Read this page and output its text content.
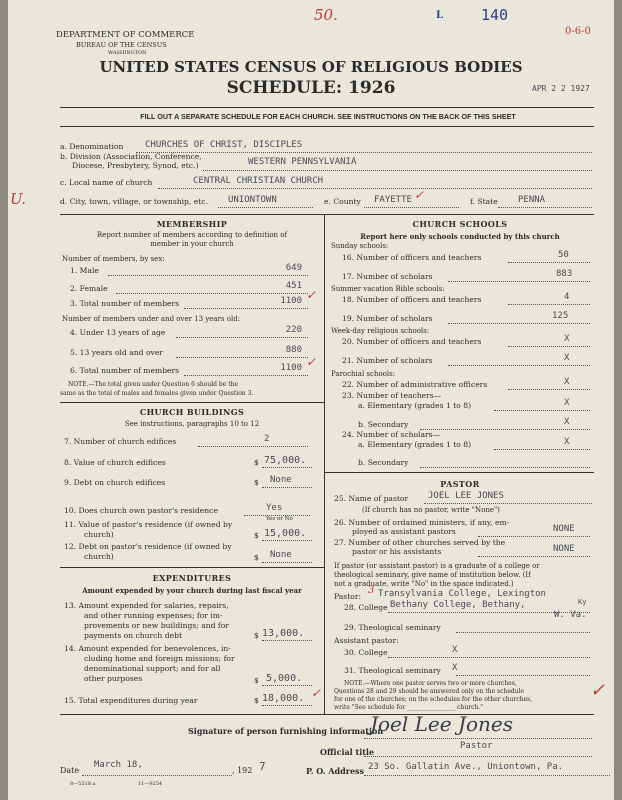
50.	L	140
0-6-0
APR 2 2 1927
U.
DEPARTMENT OF COMMERCE
BUREAU OF THE CENSUS
WASHINGTON
UNITED STATES CENSUS OF RELIGIOUS BODIES
SCHEDULE: 1926
FILL OUT A SEPARATE SCHEDULE FOR EACH CHURCH. SEE INSTRUCTIONS ON THE BACK OF THIS SHEET
a. Denomination CHURCHES OF CHRIST, DISCIPLES
b. Division (Association, Conference,
Diocese, Presbytery, Synod, etc.)	WESTERN PENNSYLVANIA
c. Local name of church	CENTRAL CHRISTIAN CHURCH
d. City, town, village, or township, etc. UNIONTOWN	e. County FAYETTE ✓	f. State PENNA
MEMBERSHIP
Report number of members according to definition of
member in your church
Number of members, by sex:
1. Male	649
2. Female	451
3. Total number of members	1100 ✓
Number of members under and over 13 years old:
4. Under 13 years of age	220
5. 13 years old and over	880
6. Total number of members	1100 ✓
NOTE.—The total given under Question 6 should be the
same as the total of males and females given under Question 3.
CHURCH BUILDINGS
See instructions, paragraphs 10 to 12
7. Number of church edifices	2
8. Value of church edifices	$ 75,000.
9. Debt on church edifices	$ None
10. Does church own pastor's residence	Yes
Yes or No
11. Value of pastor's residence (if owned by
church)	$ 15,000.
12. Debt on pastor's residence (if owned by
church)	$ None
EXPENDITURES
Amount expended by your church during last fiscal year
13. Amount expended for salaries, repairs,
and other running expenses; for im-
provements or new buildings; and for
payments on church debt	$ 13,000.
14. Amount expended for benevolences, in-
cluding home and foreign missions; for
denominational support; and for all
other purposes	$ 5,000.
15. Total expenditures during year	$ 18,000. ✓
CHURCH SCHOOLS
Report here only schools conducted by this church
Sunday schools:
16. Number of officers and teachers	50
17. Number of scholars	883
Summer vacation Bible schools:
18. Number of officers and teachers	4
19. Number of scholars	125
Week-day religious schools:
20. Number of officers and teachers	X
21. Number of scholars	X
Parochial schools:
22. Number of administrative officers	X
23. Number of teachers—
a. Elementary (grades 1 to 8)	X
b. Secondary	X
24. Number of scholars—
a. Elementary (grades 1 to 8)	X
b. Secondary
PASTOR
25. Name of pastor JOEL LEE JONES
(If church has no pastor, write "None")
26. Number of ordained ministers, if any, em-
ployed as assistant pastors	NONE
27. Number of other churches served by the
pastor or his assistants	NONE
If pastor (or assistant pastor) is a graduate of a college or
theological seminary, give name of institution below. (If
not a graduate, write "No" in the space indicated.)
Pastor:
3 Transylvania College, Lexington
Ky
28. College Bethany College, Bethany,
W. Va.
29. Theological seminary
Assistant pastor:
30. College	X
31. Theological seminary X
NOTE.—Where one pastor serves two or more churches,
Questions 28 and 29 should be answered only on the schedule
for one of the churches; on the schedules for the other churches,
write "See schedule for ________________ church."
✓
Signature of person furnishing information
Joel Lee Jones
Official title
Pastor
Date
March 18,
, 192 7	P. O. Address 23 So. Gallatin Ave., Uniontown, Pa.
8—5518 a	11—9254
